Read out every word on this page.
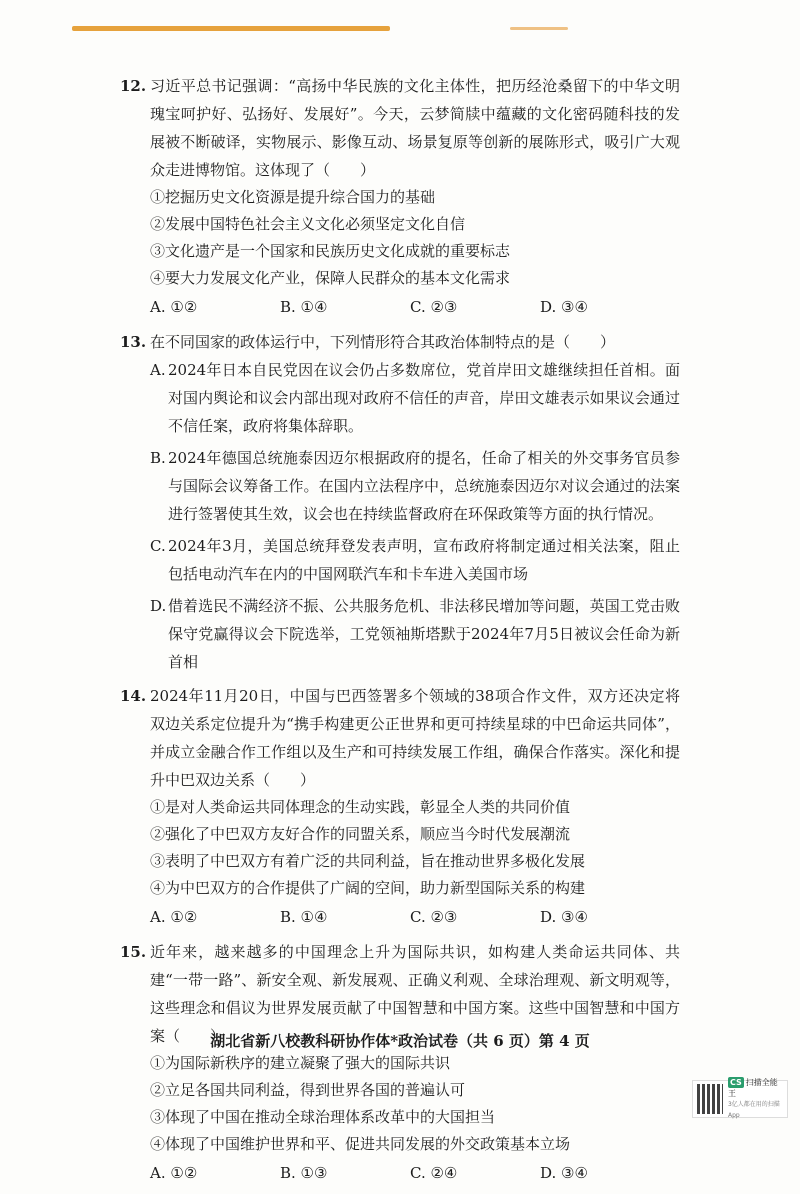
12. 习近平总书记强调：“高扬中华民族的文化主体性，把历经沧桑留下的中华文明瑰宝呵护好、弘扬好、发展好”。今天，云梦简牍中蕴藏的文化密码随科技的发展被不断破译，实物展示、影像互动、场景复原等创新的展陈形式，吸引广大观众走进博物馆。这体现了（　　）
①挖掘历史文化资源是提升综合国力的基础
②发展中国特色社会主义文化必须坚定文化自信
③文化遗产是一个国家和民族历史文化成就的重要标志
④要大力发展文化产业，保障人民群众的基本文化需求
A. ①②	B. ①④	C. ②③	D. ③④
13. 在不同国家的政体运行中，下列情形符合其政治体制特点的是（　　）
A. 2024年日本自民党因在议会仍占多数席位，党首岸田文雄继续担任首相。面对国内舆论和议会内部出现对政府不信任的声音，岸田文雄表示如果议会通过不信任案，政府将集体辞职。
B. 2024年德国总统施泰因迈尔根据政府的提名，任命了相关的外交事务官员参与国际会议筹备工作。在国内立法程序中，总统施泰因迈尔对议会通过的法案进行签署使其生效，议会也在持续监督政府在环保政策等方面的执行情况。
C. 2024年3月，美国总统拜登发表声明，宣布政府将制定通过相关法案，阻止包括电动汽车在内的中国网联汽车和卡车进入美国市场
D. 借着选民不满经济不振、公共服务危机、非法移民增加等问题，英国工党击败保守党赢得议会下院选举，工党领袖斯塔默于2024年7月5日被议会任命为新首相
14. 2024年11月20日，中国与巴西签署多个领域的38项合作文件，双方还决定将双边关系定位提升为“携手构建更公正世界和更可持续星球的中巴命运共同体”，并成立金融合作工作组以及生产和可持续发展工作组，确保合作落实。深化和提升中巴双边关系（　　）
①是对人类命运共同体理念的生动实践，彰显全人类的共同价值
②强化了中巴双方友好合作的同盟关系，顺应当今时代发展潮流
③表明了中巴双方有着广泛的共同利益，旨在推动世界多极化发展
④为中巴双方的合作提供了广阔的空间，助力新型国际关系的构建
A. ①②	B. ①④	C. ②③	D. ③④
15. 近年来，越来越多的中国理念上升为国际共识，如构建人类命运共同体、共建“一带一路”、新安全观、新发展观、正确义利观、全球治理观、新文明观等，这些理念和倡议为世界发展贡献了中国智慧和中国方案。这些中国智慧和中国方案（　　）
①为国际新秩序的建立凝聚了强大的国际共识
②立足各国共同利益，得到世界各国的普遍认可
③体现了中国在推动全球治理体系改革中的大国担当
④体现了中国维护世界和平、促进共同发展的外交政策基本立场
A. ①②	B. ①③	C. ②④	D. ③④
湖北省新八校教科研协作体*政治试卷（共 6 页）第 4 页
CS 扫描全能王
3亿人都在用的扫描App
